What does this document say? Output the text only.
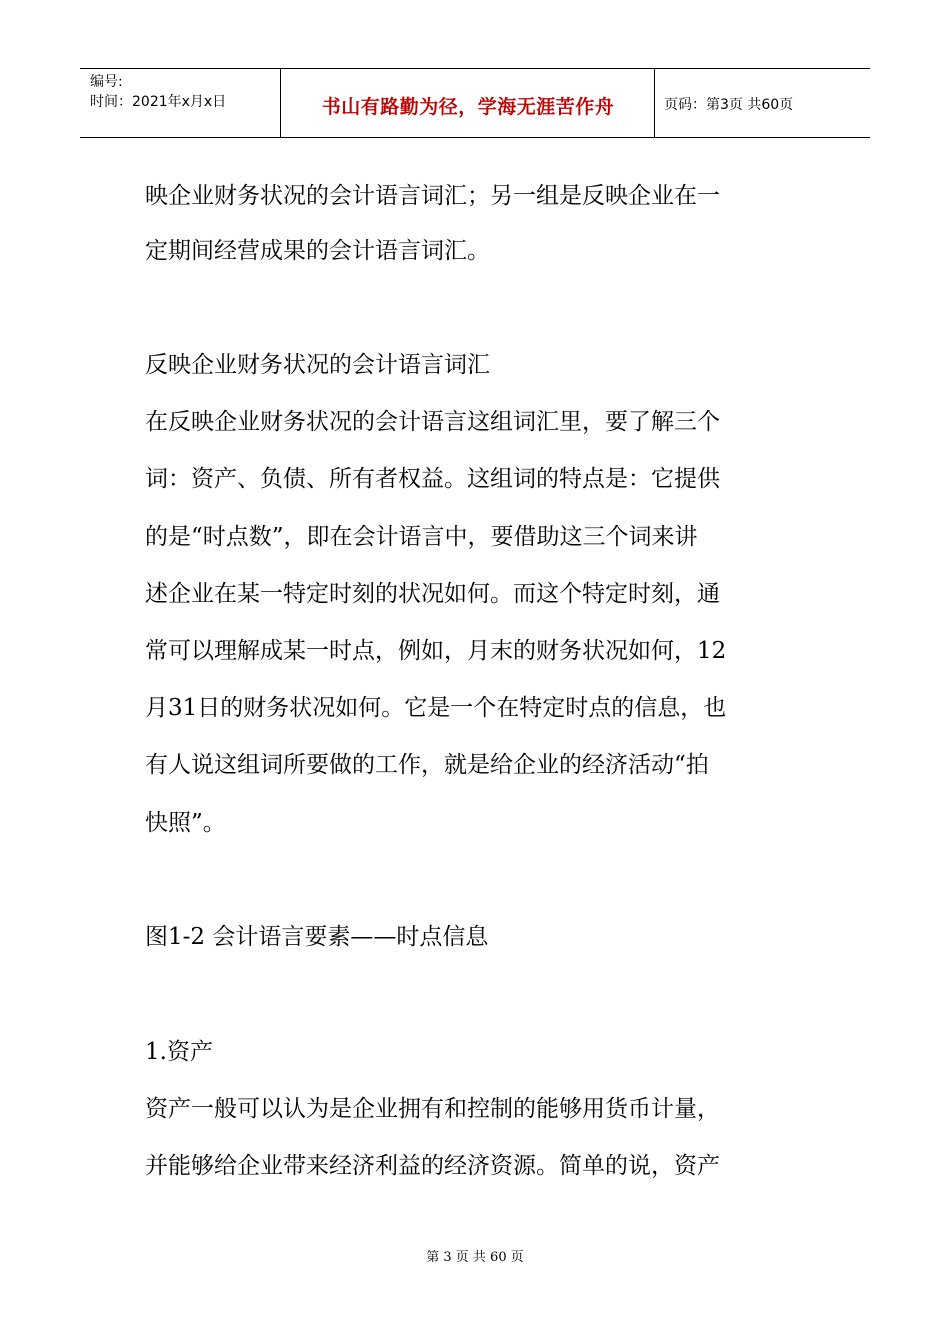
编号:
时间：2021年x月x日	书山有路勤为径，学海无涯苦作舟	页码：第3页 共60页
映企业财务状况的会计语言词汇；另一组是反映企业在一
定期间经营成果的会计语言词汇。
反映企业财务状况的会计语言词汇
在反映企业财务状况的会计语言这组词汇里，要了解三个
词：资产、负债、所有者权益。这组词的特点是：它提供
的是“时点数”，即在会计语言中，要借助这三个词来讲
述企业在某一特定时刻的状况如何。而这个特定时刻，通
常可以理解成某一时点，例如，月末的财务状况如何，12
月31日的财务状况如何。它是一个在特定时点的信息，也
有人说这组词所要做的工作，就是给企业的经济活动“拍
快照”。
图1-2 会计语言要素——时点信息
1.资产
资产一般可以认为是企业拥有和控制的能够用货币计量，
并能够给企业带来经济利益的经济资源。简单的说，资产
第 3 页 共 60 页
